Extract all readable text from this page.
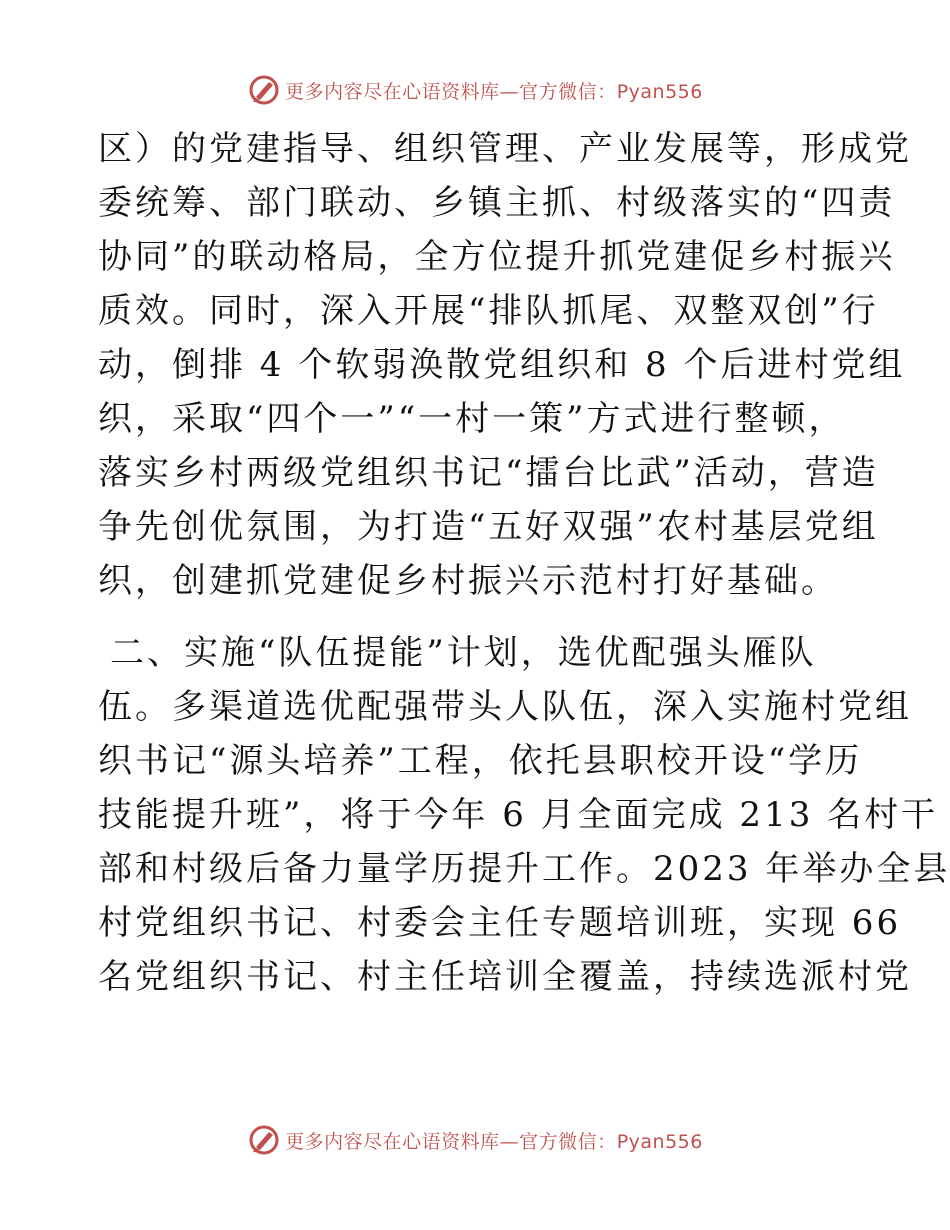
更多内容尽在心语资料库—官方微信：Pyan556
区）的党建指导、组织管理、产业发展等，形成党
委统筹、部门联动、乡镇主抓、村级落实的“四责
协同”的联动格局，全方位提升抓党建促乡村振兴
质效。同时，深入开展“排队抓尾、双整双创”行
动，倒排 4 个软弱涣散党组织和 8 个后进村党组
织，采取“四个一”“一村一策”方式进行整顿，
落实乡村两级党组织书记“擂台比武”活动，营造
争先创优氛围，为打造“五好双强”农村基层党组
织，创建抓党建促乡村振兴示范村打好基础。
二、实施“队伍提能”计划，选优配强头雁队
伍。多渠道选优配强带头人队伍，深入实施村党组
织书记“源头培养”工程，依托县职校开设“学历
技能提升班”，将于今年 6 月全面完成 213 名村干
部和村级后备力量学历提升工作。2023 年举办全县
村党组织书记、村委会主任专题培训班，实现 66
名党组织书记、村主任培训全覆盖，持续选派村党
更多内容尽在心语资料库—官方微信：Pyan556
